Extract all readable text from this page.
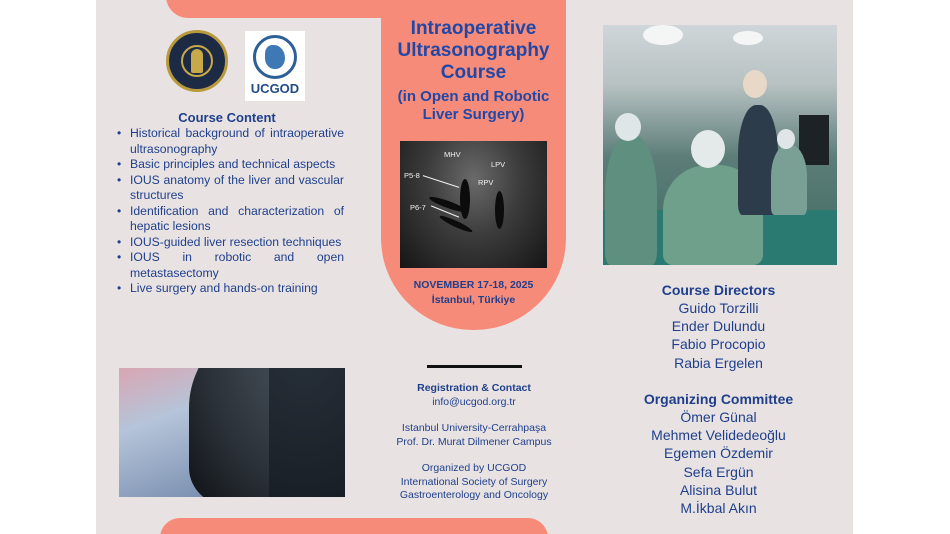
UCGOD
Course Content
• Historical background of intraoperative ultrasonography
• Basic principles and technical aspects
• IOUS anatomy of the liver and vascular structures
• Identification and characterization of hepatic lesions
• IOUS-guided liver resection techniques
• IOUS in robotic and open metastasectomy
• Live surgery and hands-on training
Intraoperative Ultrasonography Course
(in Open and Robotic Liver Surgery)
MHV
LPV
RPV
P5-8
P6-7
NOVEMBER 17-18, 2025
İstanbul, Türkiye
Registration & Contact
info@ucgod.org.tr
Istanbul University-Cerrahpaşa
Prof. Dr. Murat Dilmener Campus
Organized by UCGOD
International Society of Surgery
Gastroenterology and Oncology
Course Directors
Guido Torzilli
Ender Dulundu
Fabio Procopio
Rabia Ergelen
Organizing Committee
Ömer Günal
Mehmet Velidedeoğlu
Egemen Özdemir
Sefa Ergün
Alisina Bulut
M.İkbal Akın
